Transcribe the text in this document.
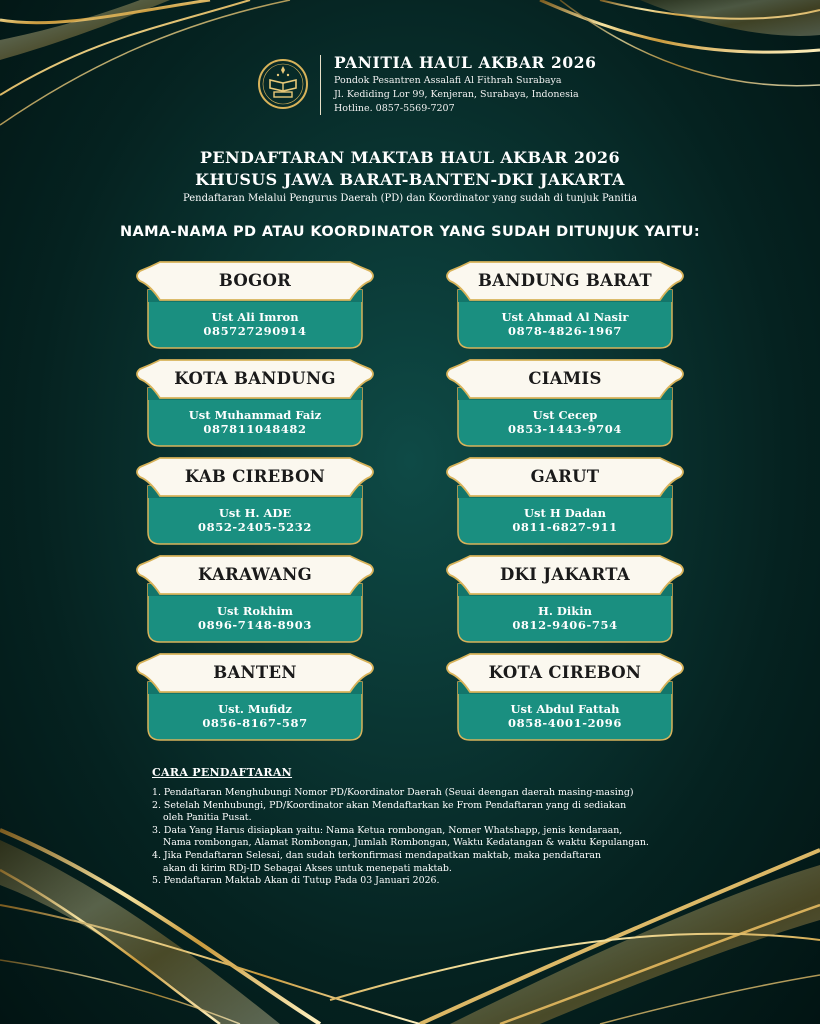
PANITIA HAUL AKBAR 2026
Pondok Pesantren Assalafi Al Fithrah Surabaya
Jl. Kediding Lor 99, Kenjeran, Surabaya, Indonesia
Hotline. 0857-5569-7207
PENDAFTARAN MAKTAB HAUL AKBAR 2026
KHUSUS JAWA BARAT-BANTEN-DKI JAKARTA
Pendaftaran Melalui Pengurus Daerah (PD) dan Koordinator yang sudah di tunjuk Panitia
NAMA-NAMA PD ATAU KOORDINATOR YANG SUDAH DITUNJUK YAITU:
BOGOR
Ust Ali Imron
085727290914
BANDUNG BARAT
Ust Ahmad Al Nasir
0878-4826-1967
KOTA BANDUNG
Ust Muhammad Faiz
087811048482
CIAMIS
Ust Cecep
0853-1443-9704
KAB CIREBON
Ust H. ADE
0852-2405-5232
GARUT
Ust H Dadan
0811-6827-911
KARAWANG
Ust Rokhim
0896-7148-8903
DKI JAKARTA
H. Dikin
0812-9406-754
BANTEN
Ust. Mufidz
0856-8167-587
KOTA CIREBON
Ust Abdul Fattah
0858-4001-2096
CARA PENDAFTARAN
1. Pendaftaran Menghubungi Nomor PD/Koordinator Daerah (Seuai deengan daerah masing-masing)
2. Setelah Menhubungi, PD/Koordinator akan Mendaftarkan ke From Pendaftaran yang di sediakan
oleh Panitia Pusat.
3. Data Yang Harus disiapkan yaitu: Nama Ketua rombongan, Nomer Whatshapp, jenis kendaraan,
Nama rombongan, Alamat Rombongan, Jumlah Rombongan, Waktu Kedatangan & waktu Kepulangan.
4. Jika Pendaftaran Selesai, dan sudah terkonfirmasi mendapatkan maktab, maka pendaftaran
akan di kirim RDj-ID Sebagai Akses untuk menepati maktab.
5. Pendaftaran Maktab Akan di Tutup Pada 03 Januari 2026.
